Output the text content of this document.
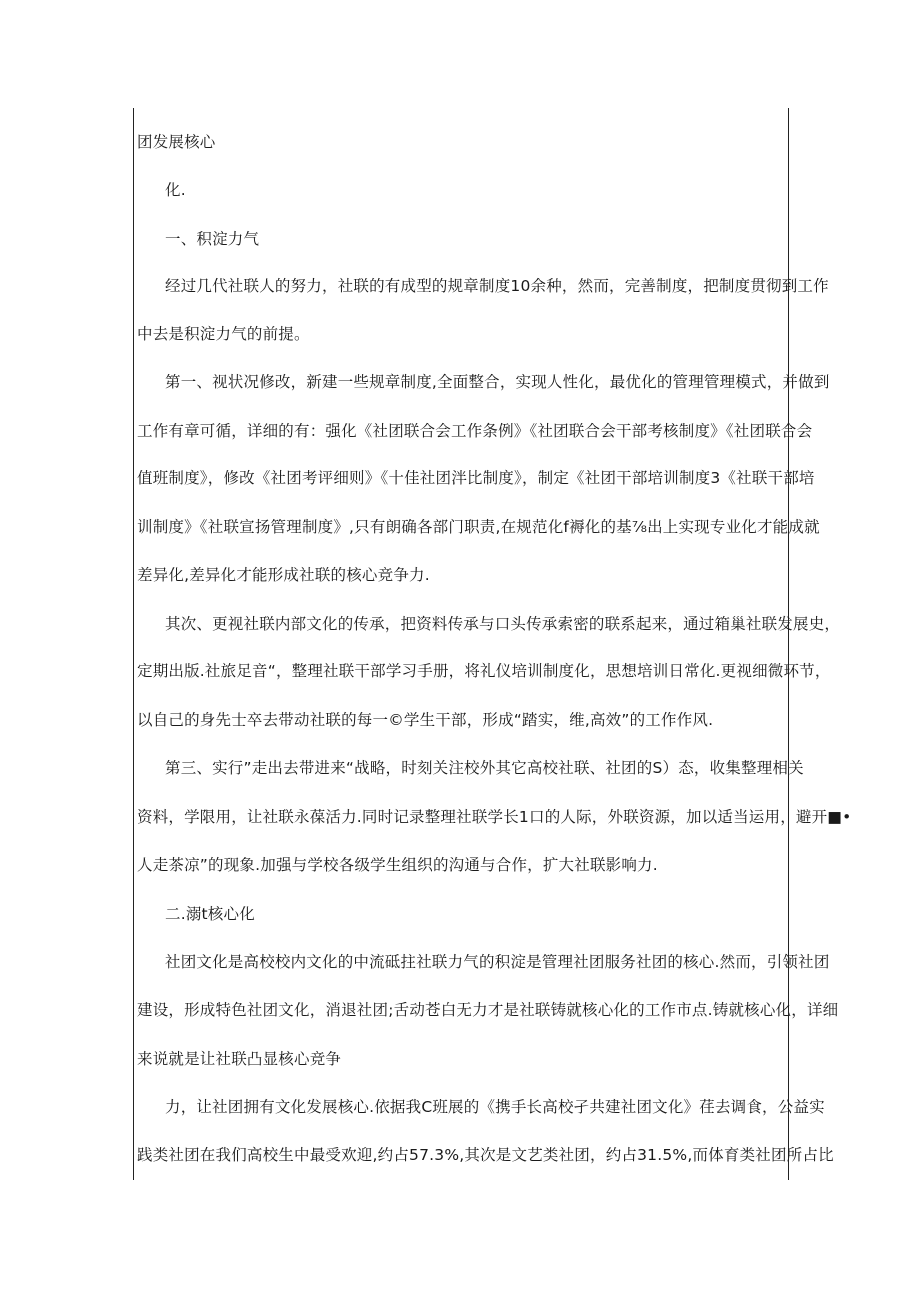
团发展核心
化.
一、积淀力气
经过几代社联人的努力，社联的有成型的规章制度10余种，然而，完善制度，把制度贯彻到工作
中去是积淀力气的前提。
第一、视状况修改，新建一些规章制度,全面整合，实现人性化，最优化的管理管理模式，并做到
工作有章可循，详细的有：强化《社团联合会工作条例》《社团联合会干部考核制度》《社团联合会
值班制度》，修改《社团考评细则》《十佳社团泮比制度》，制定《社团干部培训制度3《社联干部培
训制度》《社联宣扬管理制度》,只有朗确各部门职责,在规范化f褥化的基⅞出上实现专业化才能成就
差异化,差异化才能形成社联的核心竞争力.
其次、更视社联内部文化的传承，把资料传承与口头传承索密的联系起来，通过箱巢社联发展史，
定期出版.社旅足音“，整理社联干部学习手册，将礼仪培训制度化，思想培训日常化.更视细微环节，
以自己的身先士卒去带动社联的每一©学生干部，形成“踏实，维,高效”的工作作风.
第三、实行”走出去带进来“战略，时刻关注校外其它高校社联、社团的S）态，收集整理相关
资料，学限用，让社联永葆活力.同时记录整理社联学长1口的人际，外联资源，加以适当运用，避开■•
人走茶凉”的现象.加强与学校各级学生组织的沟通与合作，扩大社联影响力.
二.溺t核心化
社团文化是高校校内文化的中流砥拄社联力气的积淀是管理社团服务社团的核心.然而，引领社团
建设，形成特色社团文化，消退社团;舌动苍白无力才是社联铸就核心化的工作市点.铸就核心化，详细
来说就是让社联凸显核心竞争
力，让社团拥有文化发展核心.依据我C班展的《携手长高校孑共建社团文化》荏去调食，公益实
践类社团在我们高校生中最受欢迎,约占57.3%,其次是文艺类社团，约占31.5%,而体育类社团所占比
